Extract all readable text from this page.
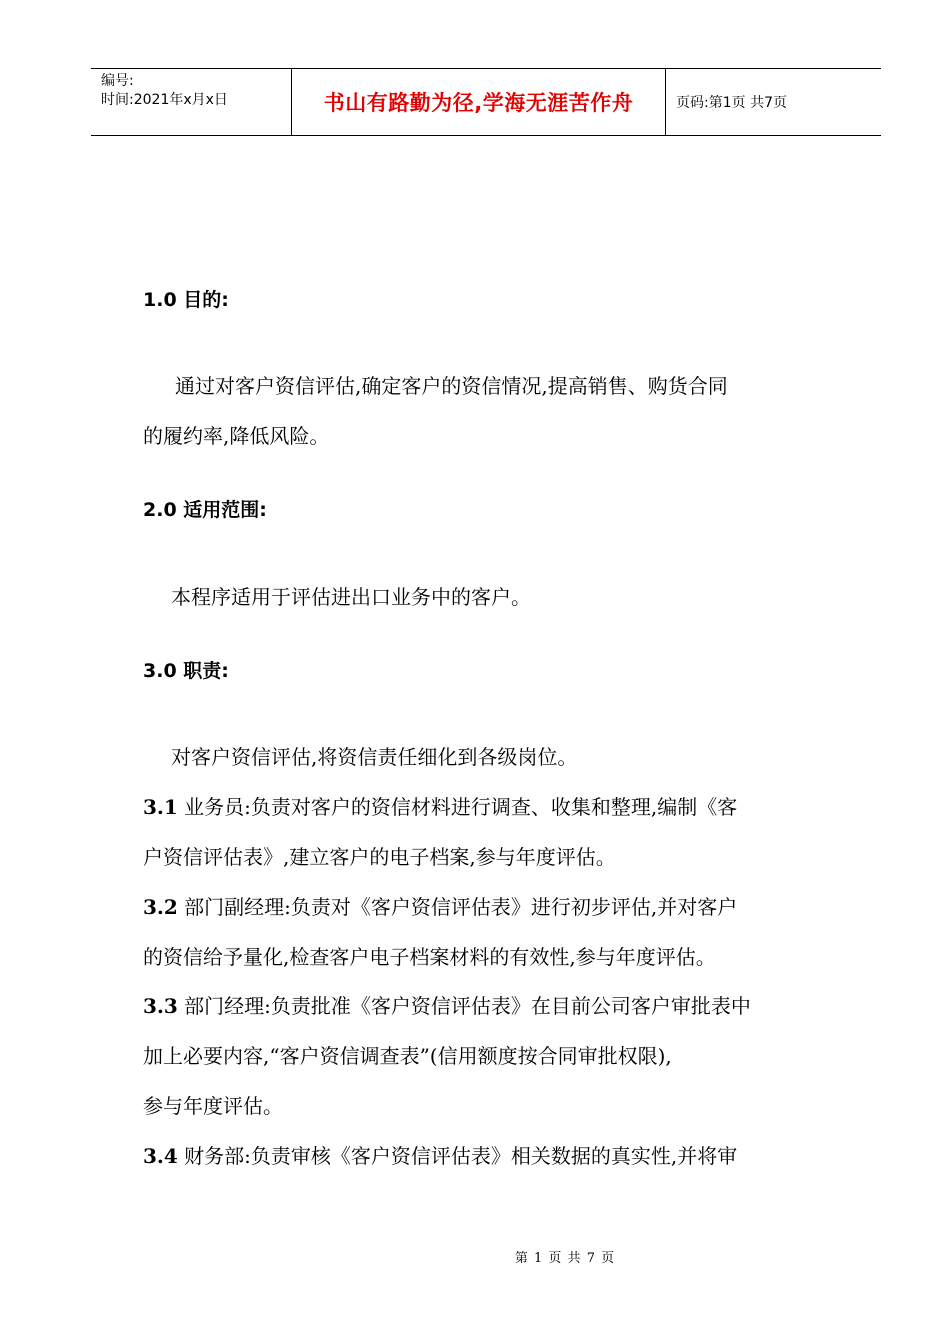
编号:
时间:2021年x月x日	书山有路勤为径,学海无涯苦作舟	页码:第1页 共7页
1.0 目的:
通过对客户资信评估,确定客户的资信情况,提高销售、购货合同
的履约率,降低风险。
2.0 适用范围:
本程序适用于评估进出口业务中的客户。
3.0 职责:
对客户资信评估,将资信责任细化到各级岗位。
3.1 业务员:负责对客户的资信材料进行调查、收集和整理,编制《客
户资信评估表》,建立客户的电子档案,参与年度评估。
3.2 部门副经理:负责对《客户资信评估表》进行初步评估,并对客户
的资信给予量化,检查客户电子档案材料的有效性,参与年度评估。
3.3 部门经理:负责批准《客户资信评估表》在目前公司客户审批表中
加上必要内容,“客户资信调查表”(信用额度按合同审批权限),
参与年度评估。
3.4 财务部:负责审核《客户资信评估表》相关数据的真实性,并将审
第 1 页 共 7 页
